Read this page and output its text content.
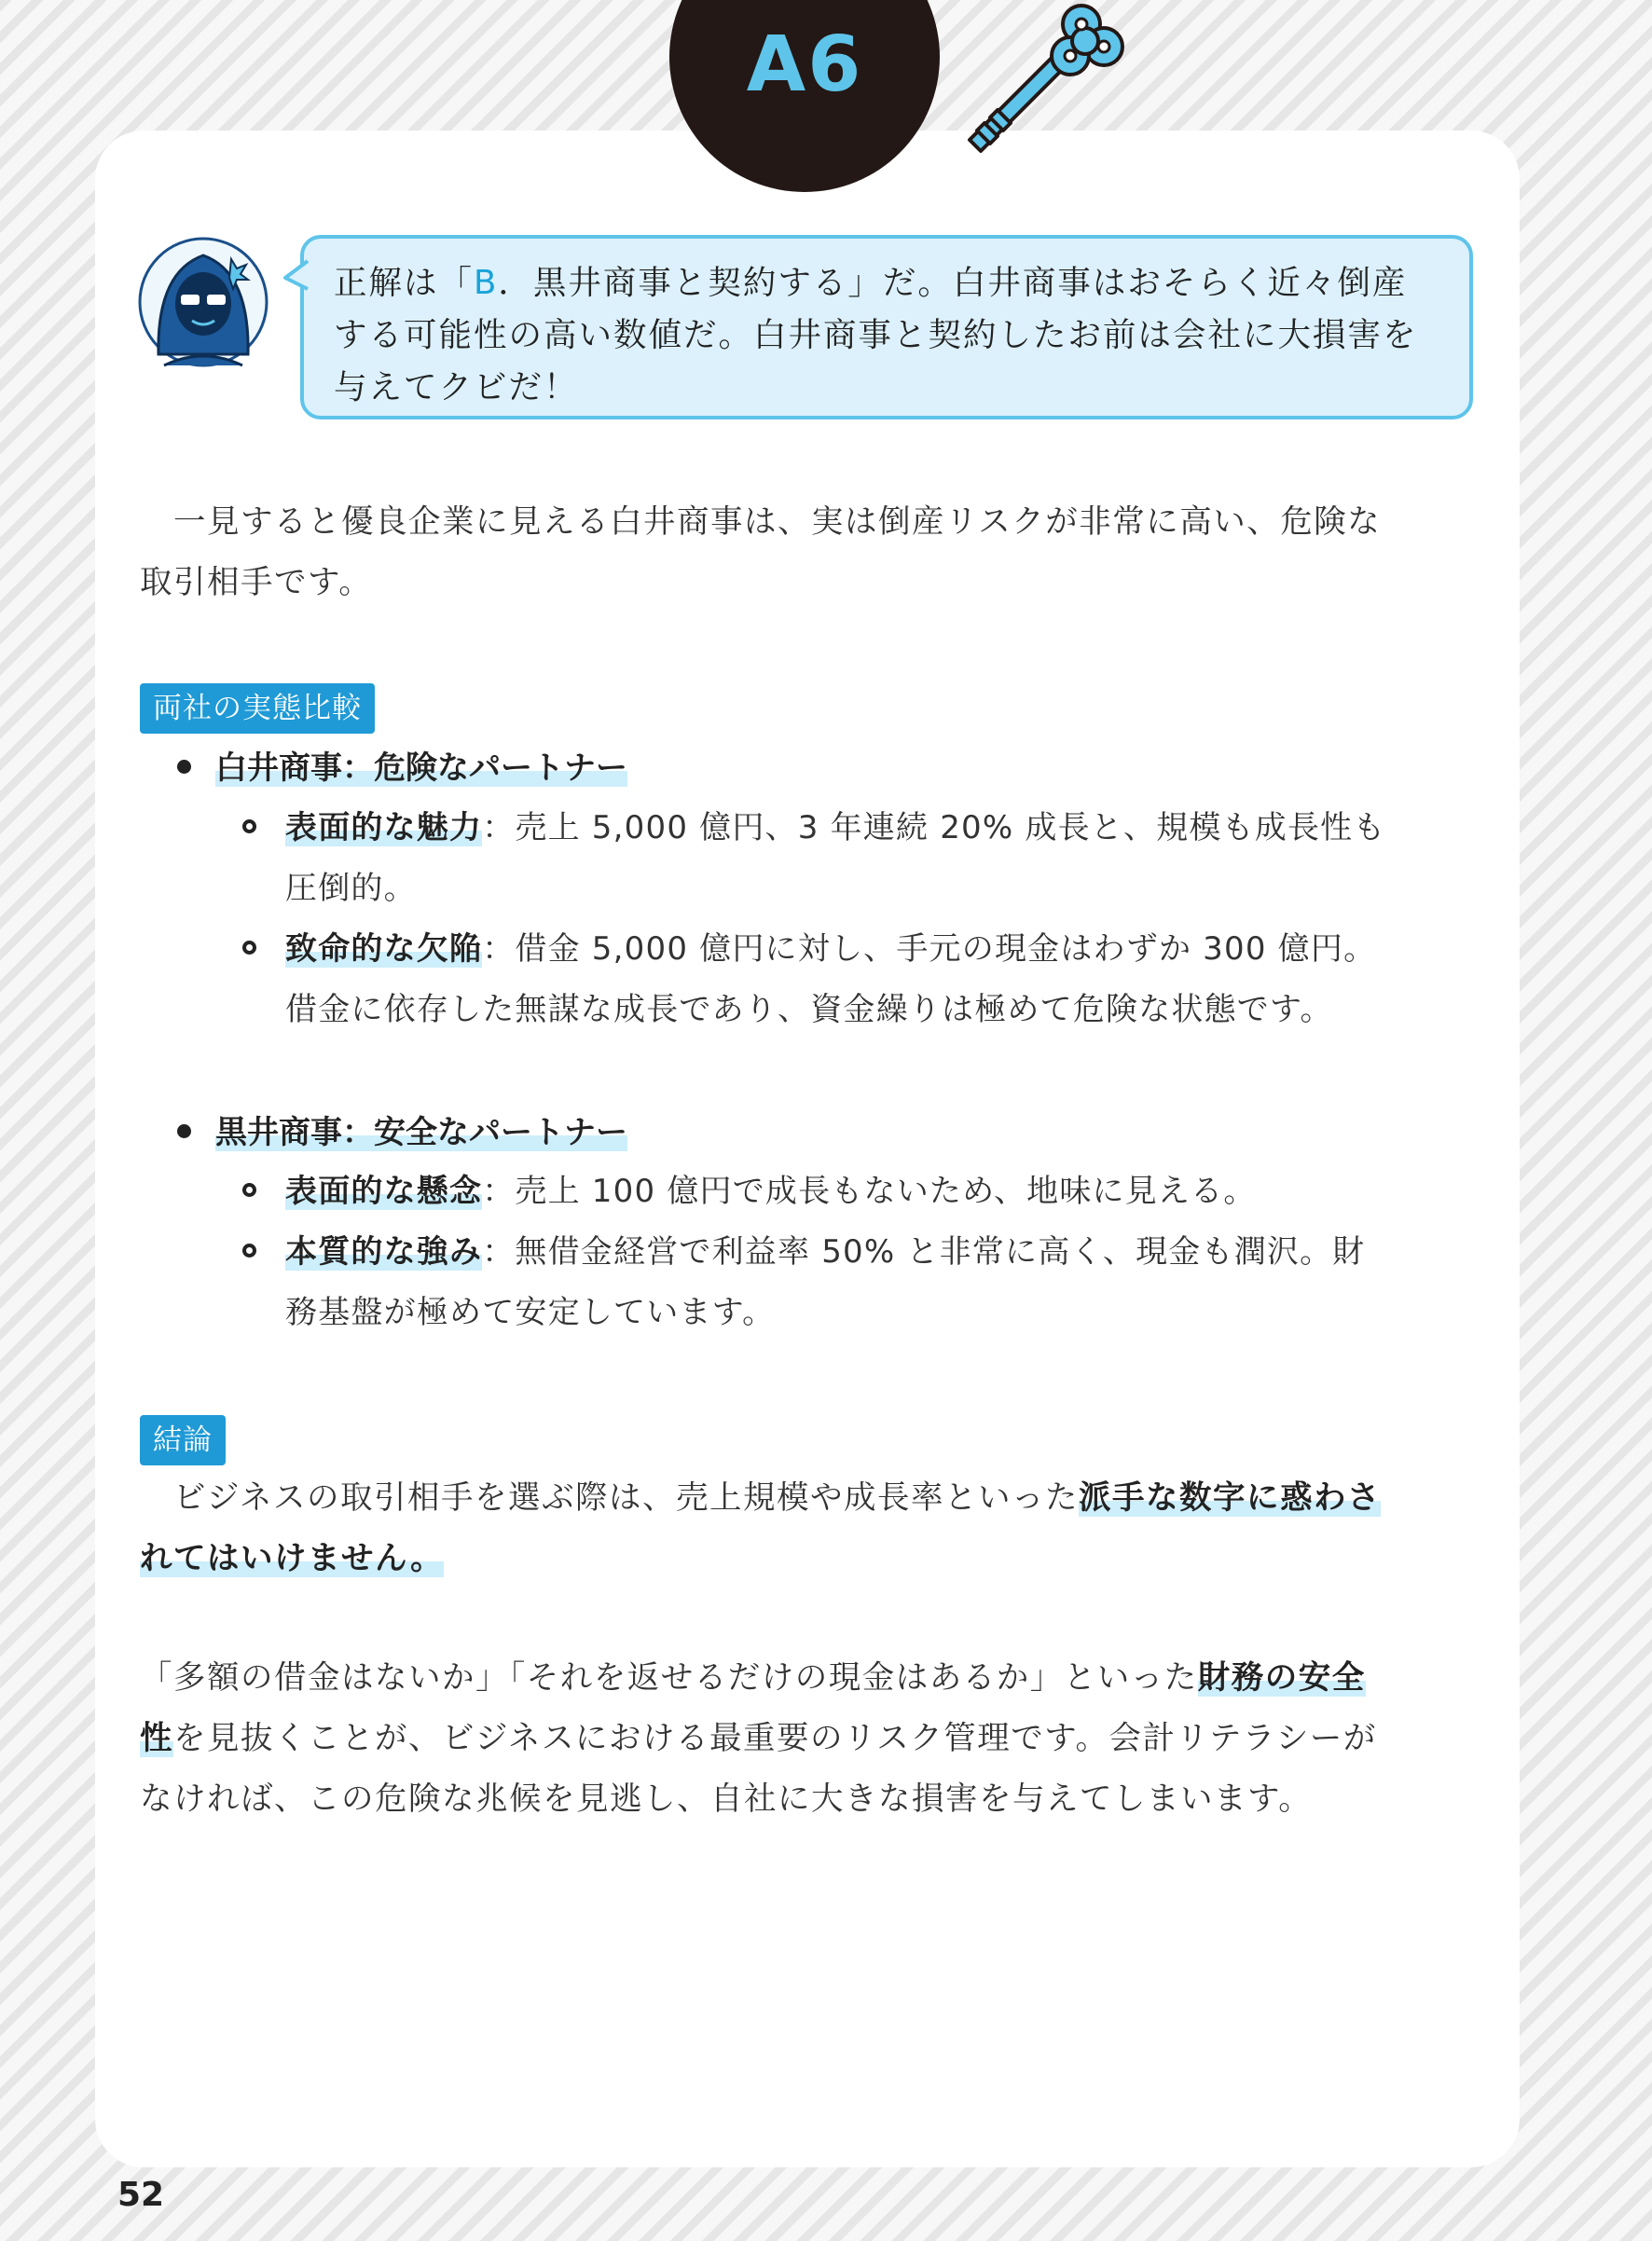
A6
正解は「B．黒井商事と契約する」だ。白井商事はおそらく近々倒産
する可能性の高い数値だ。白井商事と契約したお前は会社に大損害を
与えてクビだ！
一見すると優良企業に見える白井商事は、実は倒産リスクが非常に高い、危険な
取引相手です。
両社の実態比較
白井商事：危険なパートナー
表面的な魅力：売上 5,000 億円、3 年連続 20% 成長と、規模も成長性も
圧倒的。
致命的な欠陥：借金 5,000 億円に対し、手元の現金はわずか 300 億円。
借金に依存した無謀な成長であり、資金繰りは極めて危険な状態です。
黒井商事：安全なパートナー
表面的な懸念：売上 100 億円で成長もないため、地味に見える。
本質的な強み：無借金経営で利益率 50% と非常に高く、現金も潤沢。財
務基盤が極めて安定しています。
結論
ビジネスの取引相手を選ぶ際は、売上規模や成長率といった派手な数字に惑わさ
れてはいけません。
「多額の借金はないか」「それを返せるだけの現金はあるか」といった財務の安全
性を見抜くことが、ビジネスにおける最重要のリスク管理です。会計リテラシーが
なければ、この危険な兆候を見逃し、自社に大きな損害を与えてしまいます。
52
